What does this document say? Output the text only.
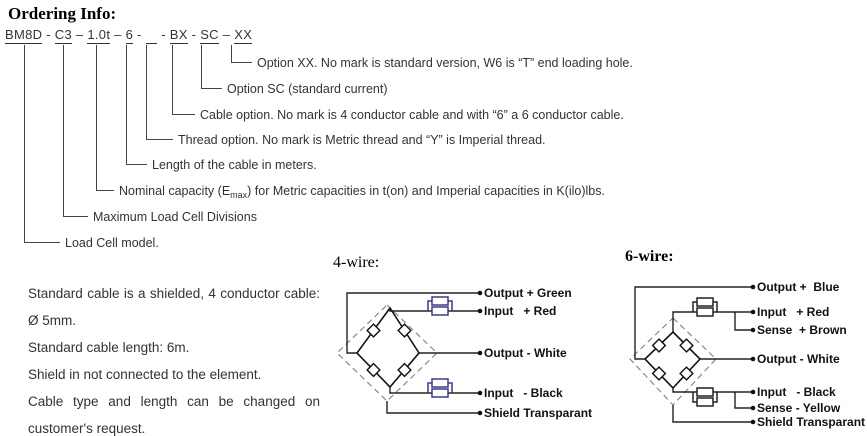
Ordering Info:
BM8D - C3 – 1.0t – 6 -     - BX - SC – XX
Option XX. No mark is standard version, W6 is “T” end loading hole.
Option SC (standard current)
Cable option. No mark is 4 conductor cable and with “6” a 6 conductor cable.
Thread option. No mark is Metric thread and “Y” is Imperial thread.
Length of the cable in meters.
Nominal capacity $(E_{max})$ for Metric capacities in t(on) and Imperial capacities in K(ilo)lbs.
Maximum Load Cell Divisions
Load Cell model.

Standard cable is a shielded, 4 conductor cable: Ø 5mm.

Standard cable length: 6m.

Shield in not connected to the element.

Cable type and length can be changed on customer's request.

4-wire:
Output + Green
Input   + Red
Output - White
Input   - Black
Shield Transparant
6-wire:
Output +  Blue
Input   + Red
Sense  + Brown
Output - White
Input   - Black
Sense - Yellow
Shield Transparant
